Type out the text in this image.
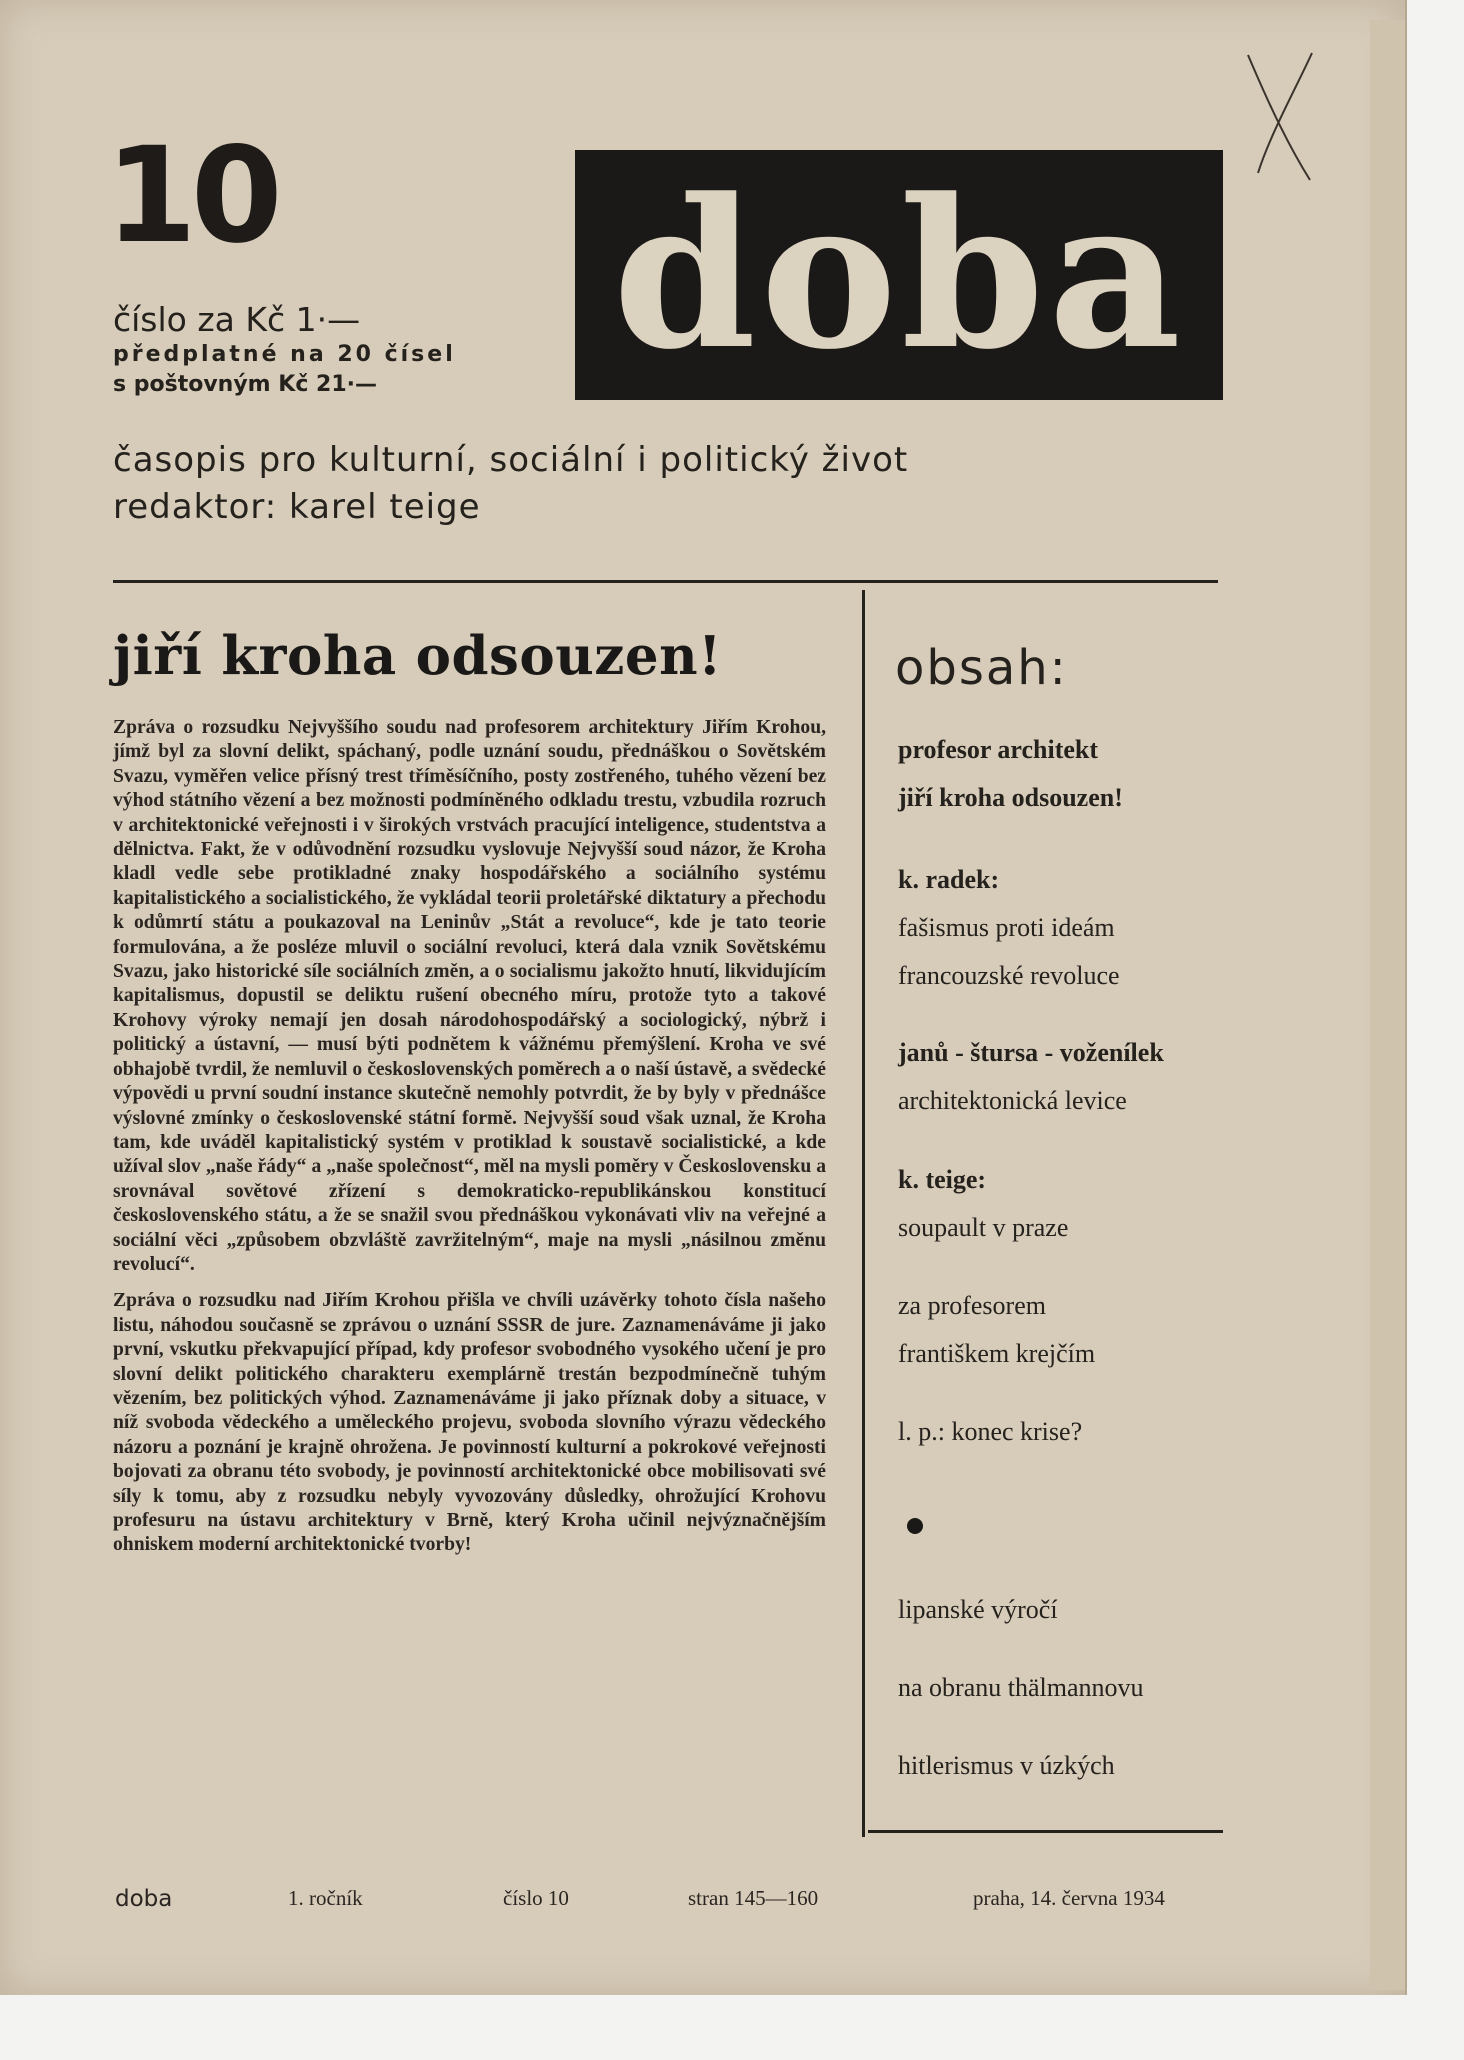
10
číslo za Kč 1·—
předplatné na 20 čísel
s poštovným Kč 21·— doba
časopis pro kulturní, sociální i politický život
redaktor: karel teige
jiří kroha odsouzen!

Zpráva o rozsudku Nejvyššího soudu nad profesorem architektury Jiřím Krohou, jímž byl za slovní delikt, spáchaný, podle uznání soudu, přednáškou o Sovětském Svazu, vyměřen velice přísný trest tříměsíčního, posty zostřeného, tuhého vězení bez výhod státního vězení a bez možnosti podmíněného odkladu trestu, vzbudila rozruch v architektonické veřejnosti i v širokých vrstvách pracující inteligence, studentstva a dělnictva. Fakt, že v odůvodnění rozsudku vyslovuje Nejvyšší soud názor, že Kroha kladl vedle sebe protikladné znaky hospodářského a sociálního systému kapitalistického a socialistického, že vykládal teorii proletářské diktatury a přechodu k odůmrtí státu a poukazoval na Leninův „Stát a revoluce“, kde je tato teorie formulována, a že posléze mluvil o sociální revoluci, která dala vznik Sovětskému Svazu, jako historické síle sociálních změn, a o socialismu jakožto hnutí, likvidujícím kapitalismus, dopustil se deliktu rušení obecného míru, protože tyto a takové Krohovy výroky nemají jen dosah národohospodářský a sociologický, nýbrž i politický a ústavní, — musí býti podnětem k vážnému přemýšlení. Kroha ve své obhajobě tvrdil, že nemluvil o československých poměrech a o naší ústavě, a svědecké výpovědi u první soudní instance skutečně nemohly potvrdit, že by byly v přednášce výslovné zmínky o československé státní formě. Nejvyšší soud však uznal, že Kroha tam, kde uváděl kapitalistický systém v protiklad k soustavě socialistické, a kde užíval slov „naše řády“ a „naše společnost“, měl na mysli poměry v Československu a srovnával sovětové zřízení s demokraticko-republikánskou konstitucí československého státu, a že se snažil svou přednáškou vykonávati vliv na veřejné a sociální věci „způsobem obzvláště zavržitelným“, maje na mysli „násilnou změnu revolucí“.

Zpráva o rozsudku nad Jiřím Krohou přišla ve chvíli uzávěrky tohoto čísla našeho listu, náhodou současně se zprávou o uznání SSSR de jure. Zaznamenáváme ji jako první, vskutku překvapující případ, kdy profesor svobodného vysokého učení je pro slovní delikt politického charakteru exemplárně trestán bezpodmínečně tuhým vězením, bez politických výhod. Zaznamenáváme ji jako příznak doby a situace, v níž svoboda vědeckého a uměleckého projevu, svoboda slovního výrazu vědeckého názoru a poznání je krajně ohrožena. Je povinností kulturní a pokrokové veřejnosti bojovati za obranu této svobody, je povinností architektonické obce mobilisovati své síly k tomu, aby z rozsudku nebyly vyvozovány důsledky, ohrožující Krohovu profesuru na ústavu architektury v Brně, který Kroha učinil nejvýznačnějším ohniskem moderní architektonické tvorby!

obsah:
profesor architekt
jiří kroha odsouzen!
k. radek:
fašismus proti ideám
francouzské revoluce
janů - štursa - voženílek
architektonická levice
k. teige:
soupault v praze
za profesorem
františkem krejčím
l. p.: konec krise?
lipanské výročí
na obranu thälmannovu
hitlerismus v úzkých
doba	1. ročník	číslo 10	stran 145—160	praha, 14. června 1934
